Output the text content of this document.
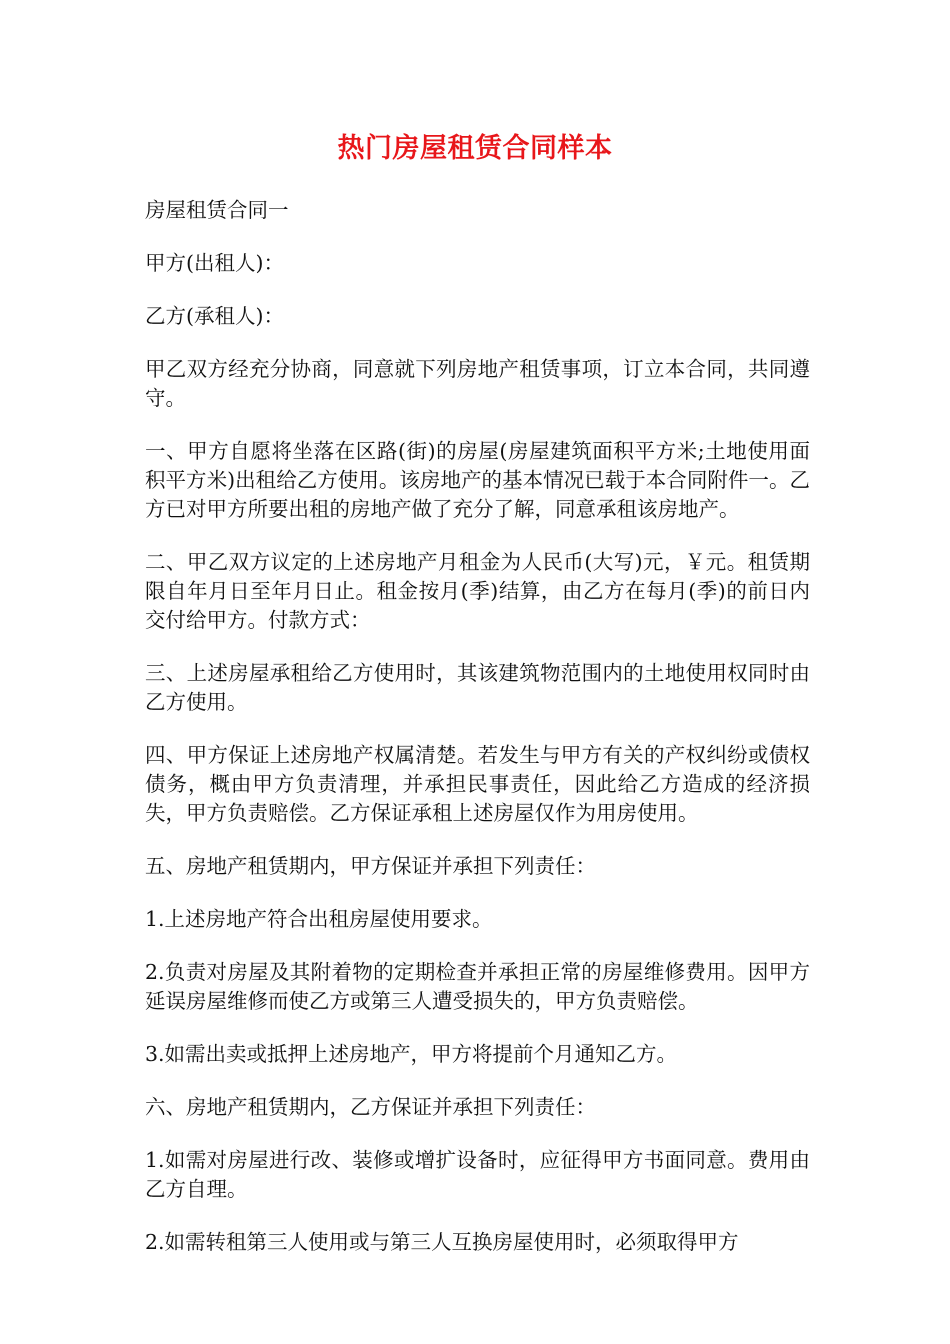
热门房屋租赁合同样本

房屋租赁合同一

甲方(出租人)：

乙方(承租人)：

甲乙双方经充分协商，同意就下列房地产租赁事项，订立本合同，共同遵守。

一、甲方自愿将坐落在区路(街)的房屋(房屋建筑面积平方米;土地使用面积平方米)出租给乙方使用。该房地产的基本情况已载于本合同附件一。乙方已对甲方所要出租的房地产做了充分了解，同意承租该房地产。

二、甲乙双方议定的上述房地产月租金为人民币(大写)元，￥元。租赁期限自年月日至年月日止。租金按月(季)结算，由乙方在每月(季)的前日内交付给甲方。付款方式：

三、上述房屋承租给乙方使用时，其该建筑物范围内的土地使用权同时由乙方使用。

四、甲方保证上述房地产权属清楚。若发生与甲方有关的产权纠纷或债权债务，概由甲方负责清理，并承担民事责任，因此给乙方造成的经济损失，甲方负责赔偿。乙方保证承租上述房屋仅作为用房使用。

五、房地产租赁期内，甲方保证并承担下列责任：

1.上述房地产符合出租房屋使用要求。

2.负责对房屋及其附着物的定期检查并承担正常的房屋维修费用。因甲方延误房屋维修而使乙方或第三人遭受损失的，甲方负责赔偿。

3.如需出卖或抵押上述房地产，甲方将提前个月通知乙方。

六、房地产租赁期内，乙方保证并承担下列责任：

1.如需对房屋进行改、装修或增扩设备时，应征得甲方书面同意。费用由乙方自理。

2.如需转租第三人使用或与第三人互换房屋使用时，必须取得甲方
